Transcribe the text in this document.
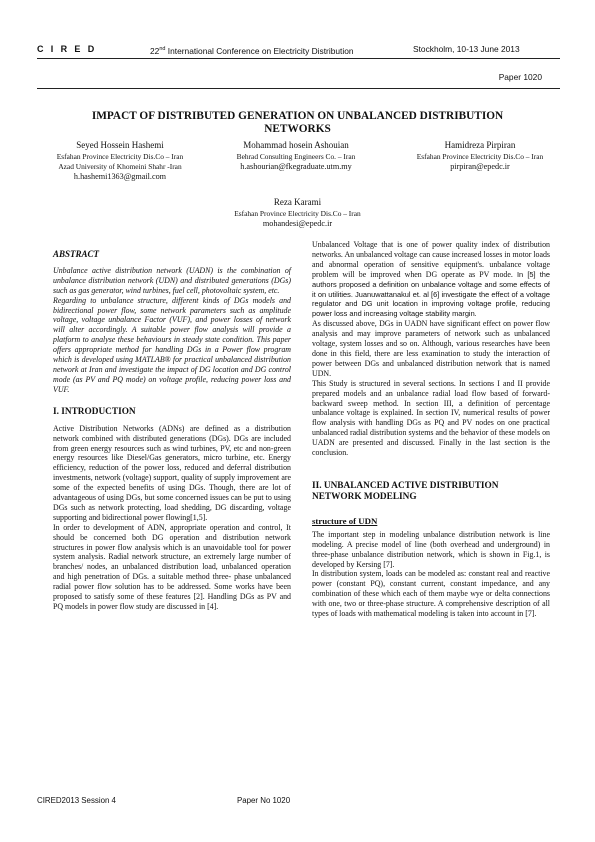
C I R E D	22nd International Conference on Electricity Distribution	Stockholm, 10-13 June 2013
Paper 1020
IMPACT OF DISTRIBUTED GENERATION ON UNBALANCED DISTRIBUTION NETWORKS
Seyed Hossein Hashemi
Esfahan Province Electricity Dis.Co – Iran
Azad University of Khomeini Shahr -Iran
h.hashemi1363@gmail.com
Mohammad hosein Ashouian
Behrad Consulting Engineers Co. – Iran
h.ashourian@fkegraduate.utm.my
Hamidreza Pirpiran
Esfahan Province Electricity Dis.Co – Iran
pirpiran@epedc.ir
Reza Karami
Esfahan Province Electricity Dis.Co – Iran
mohandesi@epedc.ir
ABSTRACT
Unbalance active distribution network (UADN) is the combination of unbalance distribution network (UDN) and distributed generations (DGs) such as gas generator, wind turbines, fuel cell, photovoltaic system, etc.
Regarding to unbalance structure, different kinds of DGs models and bidirectional power flow, some network parameters such as amplitude voltage, voltage unbalance Factor (VUF), and power losses of network will alter accordingly. A suitable power flow analysis will provide a platform to analyse these behaviours in steady state condition. This paper offers appropriate method for handling DGs in a Power flow program which is developed using MATLAB® for practical unbalanced distribution network at Iran and investigate the impact of DG location and DG control mode (as PV and PQ mode) on voltage profile, reducing power loss and VUF.
I. INTRODUCTION
Active Distribution Networks (ADNs) are defined as a distribution network combined with distributed generations (DGs). DGs are included from green energy resources such as wind turbines, PV, etc and non-green energy resources like Diesel/Gas generators, micro turbine, etc. Energy efficiency, reduction of the power loss, reduced and deferral distribution investments, network (voltage) support, quality of supply improvement are some of the expected benefits of using DGs. Though, there are lot of advantageous of using DGs, but some concerned issues can be put to using DGs such as network protecting, load shedding, DG discarding, voltage supporting and bidirectional power flowing[1,5].
In order to development of ADN, appropriate operation and control, It should be concerned both DG operation and distribution network structures in power flow analysis which is an unavoidable tool for power system analysis. Radial network structure, an extremely large number of branches/ nodes, an unbalanced distribution load, unbalanced operation and high penetration of DGs. a suitable method three- phase unbalanced radial power flow solution has to be addressed. Some works have been proposed to satisfy some of these features [2]. Handling DGs as PV and PQ models in power flow study are discussed in [4].
Unbalanced Voltage that is one of power quality index of distribution networks. An unbalanced voltage can cause increased losses in motor loads and abnormal operation of sensitive equipment's. unbalance voltage problem will be improved when DG operate as PV mode. In [5] the authors proposed a definition on unbalance voltage and some effects of it on utilities. Juanuwattanakul et. al [6] investigate the effect of a voltage regulator and DG unit location in improving voltage profile, reducing power loss and increasing voltage stability margin.
As discussed above, DGs in UADN have significant effect on power flow analysis and may improve parameters of network such as unbalanced voltage, system losses and so on. Although, various researches have been done in this field, there are less examination to study the interaction of power between DGs and unbalanced distribution network that is named UDN.
This Study is structured in several sections. In sections I and II provide prepared models and an unbalance radial load flow based of forward-backward sweep method. In section III, a definition of percentage unbalance voltage is explained. In section IV, numerical results of power flow analysis with handling DGs as PQ and PV nodes on one practical unbalanced radial distribution systems and the behavior of these models on UADN are presented and discussed. Finally in the last section is the conclusion.
II. UNBALANCED ACTIVE DISTRIBUTION NETWORK MODELING
structure of UDN
The important step in modeling unbalance distribution network is line modeling. A precise model of line (both overhead and underground) in three-phase unbalance distribution network, which is shown in Fig.1, is developed by Kersing [7].
In distribution system, loads can be modeled as: constant real and reactive power (constant PQ), constant current, constant impedance, and any combination of these which each of them maybe wye or delta connections with one, two or three-phase structure. A comprehensive description of all types of loads with mathematical modeling is taken into account in [7].
CIRED2013 Session 4	Paper No 1020
